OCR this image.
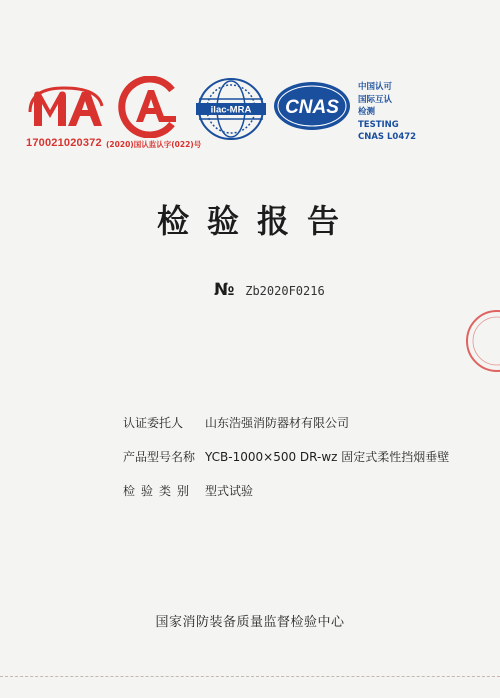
ilac-MRA CNAS
170021020372 (2020)国认监认字(022)号
中国认可
国际互认
检测
TESTING
CNAS L0472
检验报告
№ Zb2020F0216
认证委托人	山东浩强消防器材有限公司
产品型号名称 YCB-1000×500 DR-wz 固定式柔性挡烟垂壁
检验类别 型式试验
国家消防装备质量监督检验中心
